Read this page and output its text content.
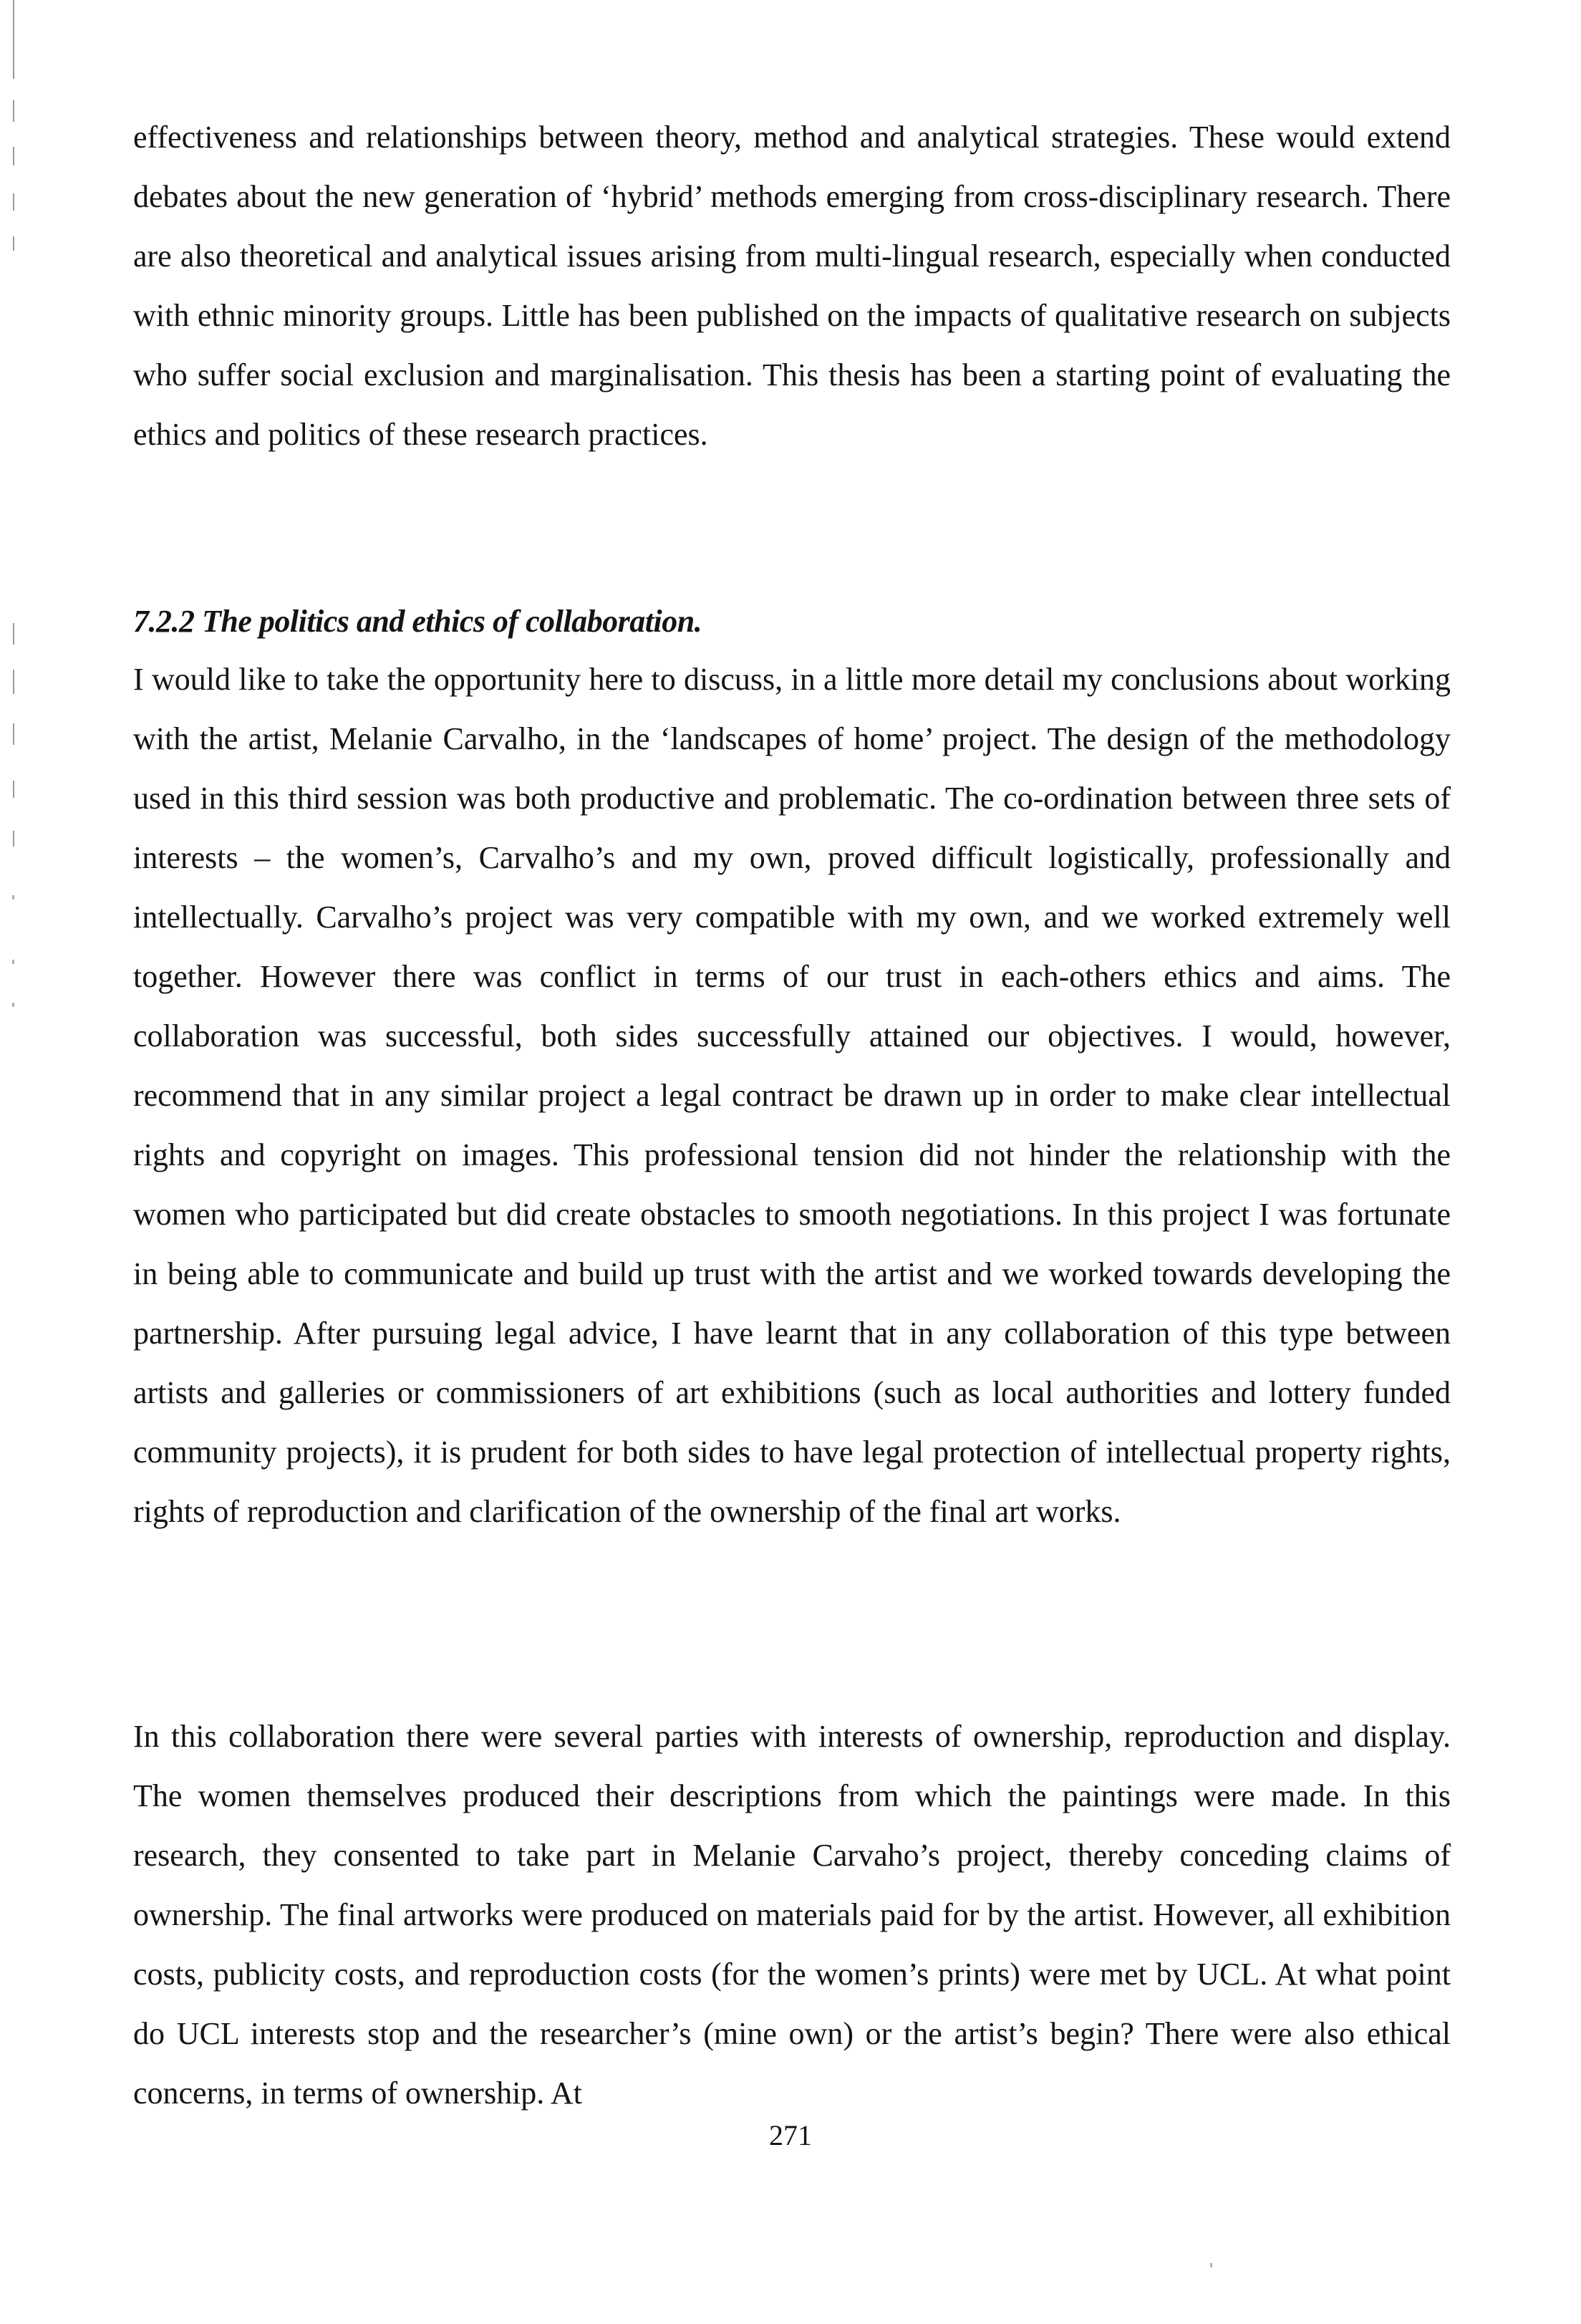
effectiveness and relationships between theory, method and analytical strategies. These would extend debates about the new generation of ‘hybrid’ methods emerging from cross-disciplinary research. There are also theoretical and analytical issues arising from multi-lingual research, especially when conducted with ethnic minority groups. Little has been published on the impacts of qualitative research on subjects who suffer social exclusion and marginalisation. This thesis has been a starting point of evaluating the ethics and politics of these research practices.

7.2.2 The politics and ethics of collaboration.

I would like to take the opportunity here to discuss, in a little more detail my conclusions about working with the artist, Melanie Carvalho, in the ‘landscapes of home’ project. The design of the methodology used in this third session was both productive and problematic. The co-ordination between three sets of interests – the women’s, Carvalho’s and my own, proved difficult logistically, professionally and intellectually. Carvalho’s project was very compatible with my own, and we worked extremely well together. However there was conflict in terms of our trust in each-others ethics and aims. The collaboration was successful, both sides successfully attained our objectives. I would, however, recommend that in any similar project a legal contract be drawn up in order to make clear intellectual rights and copyright on images. This professional tension did not hinder the relationship with the women who participated but did create obstacles to smooth negotiations. In this project I was fortunate in being able to communicate and build up trust with the artist and we worked towards developing the partnership. After pursuing legal advice, I have learnt that in any collaboration of this type between artists and galleries or commissioners of art exhibitions (such as local authorities and lottery funded community projects), it is prudent for both sides to have legal protection of intellectual property rights, rights of reproduction and clarification of the ownership of the final art works.

In this collaboration there were several parties with interests of ownership, reproduction and display. The women themselves produced their descriptions from which the paintings were made. In this research, they consented to take part in Melanie Carvaho’s project, thereby conceding claims of ownership. The final artworks were produced on materials paid for by the artist. However, all exhibition costs, publicity costs, and reproduction costs (for the women’s prints) were met by UCL. At what point do UCL interests stop and the researcher’s (mine own) or the artist’s begin? There were also ethical concerns, in terms of ownership. At

271
